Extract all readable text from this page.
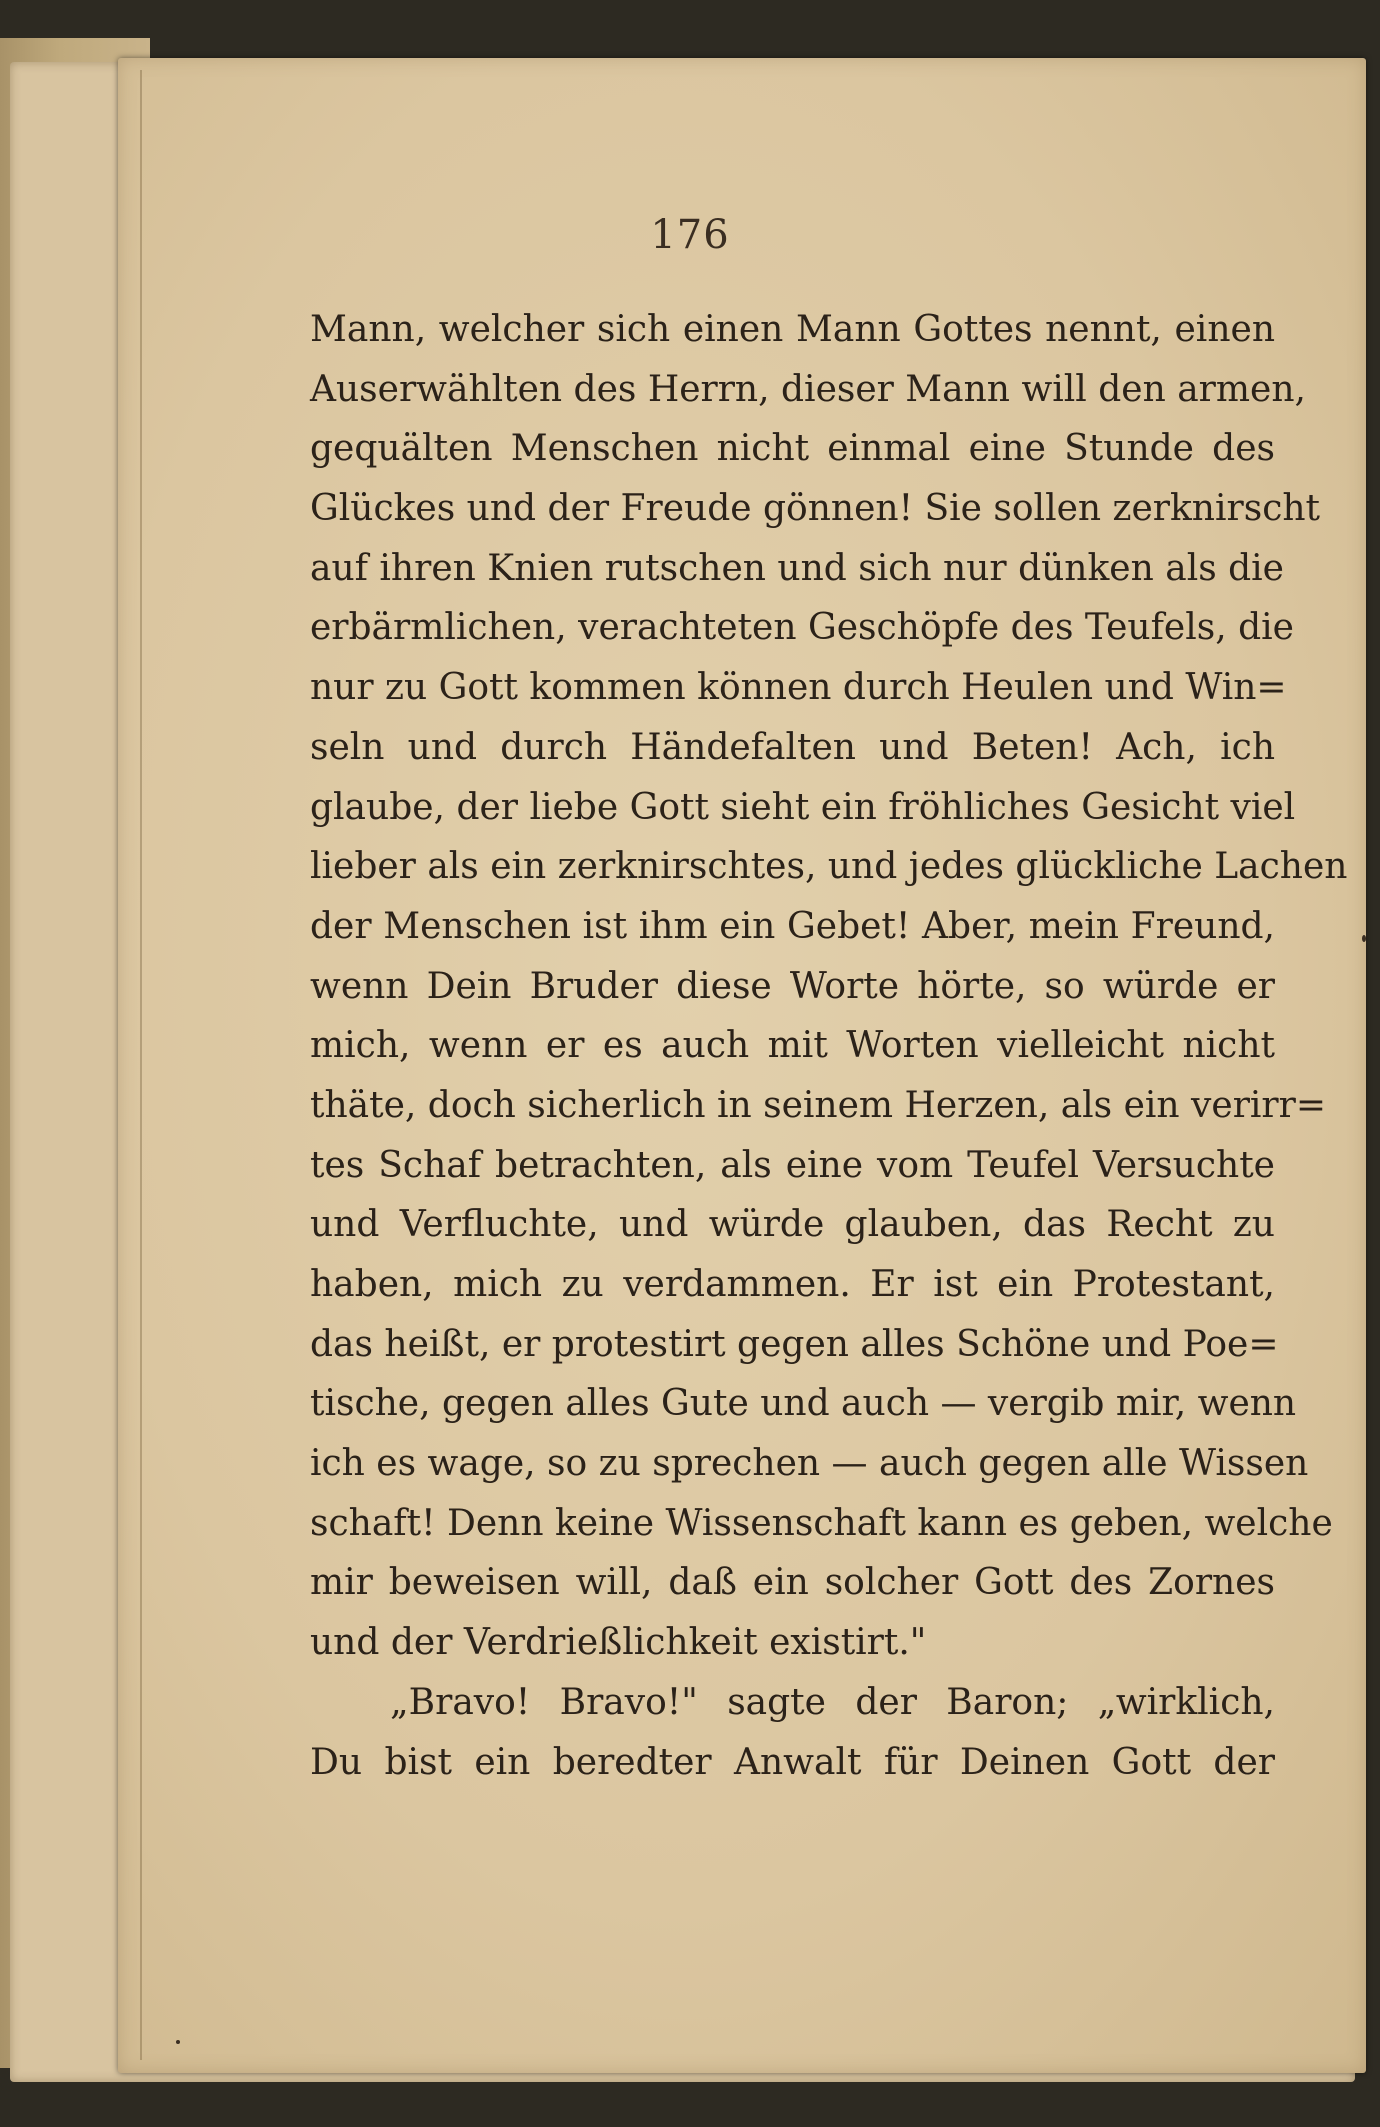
176
Mann, welcher sich einen Mann Gottes nennt, einen
Auserwählten des Herrn, dieser Mann will den armen,
gequälten Menschen nicht einmal eine Stunde des
Glückes und der Freude gönnen! Sie sollen zerknirscht
auf ihren Knien rutschen und sich nur dünken als die
erbärmlichen, verachteten Geschöpfe des Teufels, die
nur zu Gott kommen können durch Heulen und Win=
seln und durch Händefalten und Beten! Ach, ich
glaube, der liebe Gott sieht ein fröhliches Gesicht viel
lieber als ein zerknirschtes, und jedes glückliche Lachen
der Menschen ist ihm ein Gebet! Aber, mein Freund,
wenn Dein Bruder diese Worte hörte, so würde er
mich, wenn er es auch mit Worten vielleicht nicht
thäte, doch sicherlich in seinem Herzen, als ein verirr=
tes Schaf betrachten, als eine vom Teufel Versuchte
und Verfluchte, und würde glauben, das Recht zu
haben, mich zu verdammen. Er ist ein Protestant,
das heißt, er protestirt gegen alles Schöne und Poe=
tische, gegen alles Gute und auch — vergib mir, wenn
ich es wage, so zu sprechen — auch gegen alle Wissen
schaft! Denn keine Wissenschaft kann es geben, welche
mir beweisen will, daß ein solcher Gott des Zornes
und der Verdrießlichkeit existirt."
„Bravo! Bravo!" sagte der Baron; „wirklich,
Du bist ein beredter Anwalt für Deinen Gott der
